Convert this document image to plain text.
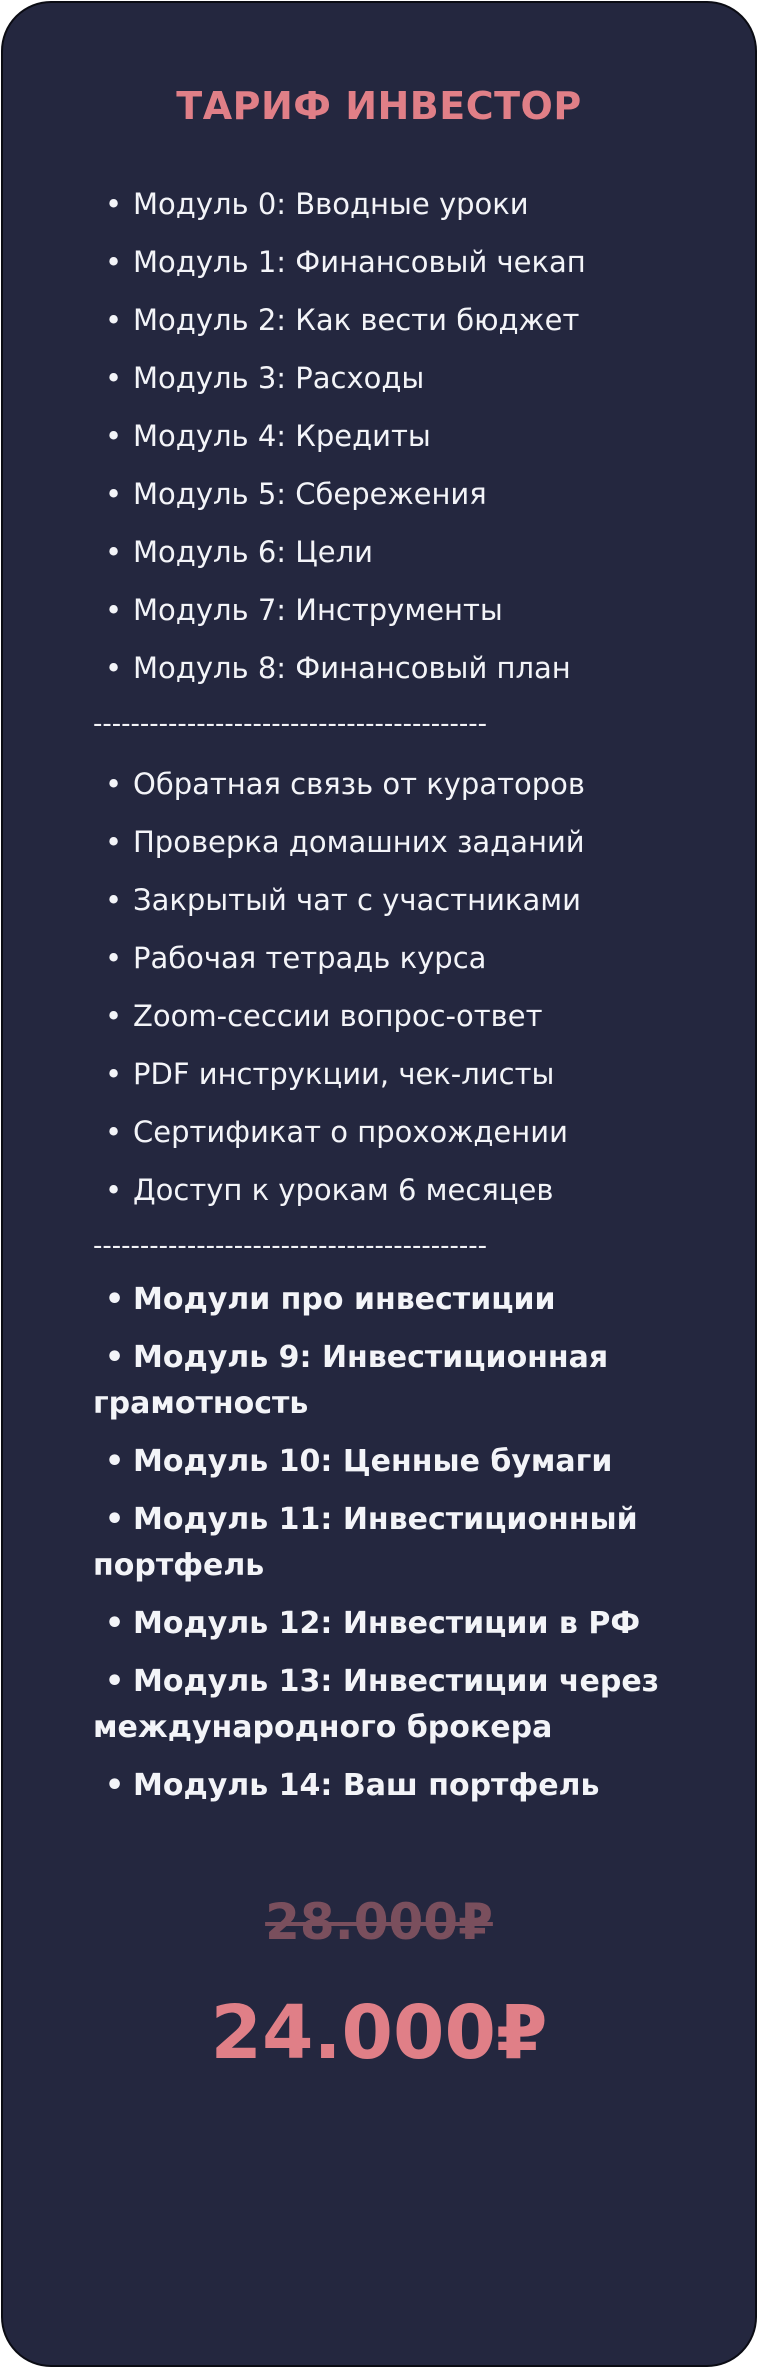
ТАРИФ ИНВЕСТОР
• Модуль 0: Вводные уроки
• Модуль 1: Финансовый чекап
• Модуль 2: Как вести бюджет
• Модуль 3: Расходы
• Модуль 4: Кредиты
• Модуль 5: Сбережения
• Модуль 6: Цели
• Модуль 7: Инструменты
• Модуль 8: Финансовый план
------------------------------------------
• Обратная связь от кураторов
• Проверка домашних заданий
• Закрытый чат с участниками
• Рабочая тетрадь курса
• Zoom-сессии вопрос-ответ
• PDF инструкции, чек-листы
• Сертификат о прохождении
• Доступ к урокам 6 месяцев
------------------------------------------
• Модули про инвестиции
• Модуль 9: Инвестиционная грамотность
• Модуль 10: Ценные бумаги
• Модуль 11: Инвестиционный портфель
• Модуль 12: Инвестиции в РФ
• Модуль 13: Инвестиции через международного брокера
• Модуль 14: Ваш портфель
28.000₽
24.000₽
